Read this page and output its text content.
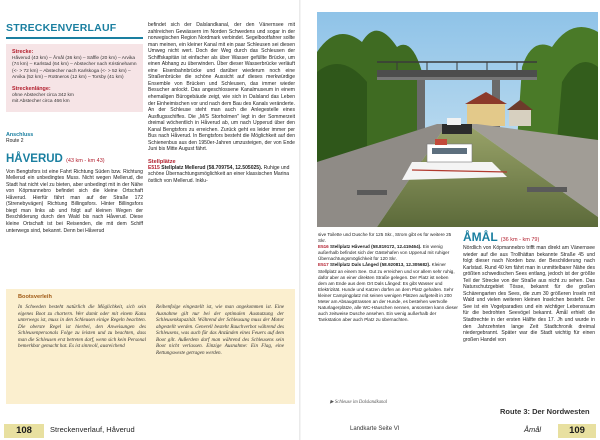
STRECKENVERLAUF
Strecke:
Håverud (43 km) – Åmål (36 km) – Säffle (20 km) – Arvika (74 km) – Karlstad (64 km) – Abstecher nach Kristinehamn (<- > 72 km) – Abstecher nach Karlskoga (<- > 52 km) – Arvika (52 km) – Rottneros (12 km) – Torsby (41 km)
Streckenlänge:
ohne Abstecher circa 342 km
mit Abstecher circa 466 km
Anschluss
Route 2
HÅVERUD (43 km - km 43)
Von Bengtsfors ist eine Fahrt Richtung Süden bzw. Richtung Mellerud ein unbedingtes Muss. Nicht wegen Mellerud, die Stadt hat nicht viel zu bieten, aber unbedingt mit in der Nähe von Köpmannebro befindet sich die kleine Ortschaft Håverud. Hierfür fährt man auf der Straße 172 (Strenebyvägen) Richtung Billingsfors. Hinter Billingsfors biegt man links ab und folgt auf kleinen Wegen der Beschilderung durch den Wald bis nach Håverud. Diese kleine Ortschaft ist bei Reisenden, die mit dem Schiff unterwegs sind, bekannt. Denn bei Håverud
befindet sich der Dalslandkanal, der den Vänernsee mit zahlreichen Gewässern im Norden Schwedens und sogar in der norwegischen Region Nordmark verbindet. Segelbootfahrer sollte man meinen, ein kleiner Kanal mit ein paar Schleusen sei diesen Umweg nicht wert. Doch der Weg durch das Schleusen der Schiffskapitän ist einfacher als über Wasser gefüllte Brücke, um einen Abhang zu überwinden. Über dieser Wasserbrücke verläuft eine Eisenbahnbrücke und darüber wiederum noch eine Straßenbrücke die schöne Aussicht auf dieses merkwürdige Ensemble von Brücken und Schleusen, das immer wieder Besucher anlockt. Das angeschlossene Kanalmuseum in einem ehemaligen Bürogebäude zeigt, wie sich in Dalsland das Leben der Einheimischen vor und nach dem Bau des Kanals veränderte. An der Schleuse steht man auch die Anlegestelle eines Ausflugsschiffes. Die „M/S Storholmen" legt in der Sommerzeit dreimal wöchentlich in Håverud ab, um nach Upperud über den Kanal Bengtsfors zu erreichen. Zurück geht es leider immer per Bus nach Håverud. In Bengtsfors besteht die Möglichkeit auf den Schienenbus aus den 1950er-Jahren umzusteigen, der von Ende Juni bis Mitte August fährt.
Stellplätze
E515 Stellplatz Mellerud (58.709754, 12.505025). Ruhige und schöne Übernachtungsmöglichkeit an einer klassischen Marina östlich von Mellerud. Inklu-
Bootsverleih
In Schweden besteht natürlich die Möglichkeit, sich sein eigenes Boot zu chartern. Wer damit oder mit einem Kanu unterwegs ist, muss in den Schleusen einige Regeln beachten. Die oberste Regel ist hierbei, den Anweisungen des Schleusenpersonals Folge zu leisten und zu beachten, dass man die Schleusen erst betreten darf, wenn sich kein Personal bemerkbar gemacht hat. Es ist sinnvoll, ausreichend
Reibenfolge eingestellt ist, wie man angekommen ist. Eine Ausnahme gilt nur bei der optimalen Ausnutzung der Schleusenkapazität. Während der Schleusung muss der Motor abgestellt werden. Generell besteht Rauchverbot während des Schleusens, was auch für das Anzünden eines Feuers auf dem Boot gilt. Außerdem darf man während des Schleusens sein Boot nicht verlassen. Einzige Ausnahme: Ein Flag, eine Rettungsweste getragen werden.
108	Streckenverlauf, Håverud
sive Toilette und Dusche für 125 Skr., Strom gibt es für weitere 25 Skr.
E516 Stellplatz Håverud (58.819172, 12.419464). Ein wenig außerhalb befindet sich der Gästehafen von Upperud mit ruhiger Übernachtungsmöglichkeit für 120 Skr.
E517 Stellplatz Dals Långed (58.920813, 12.305682). Kleiner Stellplatz an einem See. Gut zu erreichen und vor allem sehr ruhig, dafür aber an einer direkten Straße gelegen. Der Platz ist neben dem am Ende aus dem Ort Dals Långed: Es gibt Wasser und Elektrizität. Hunde und Katzen dürfen an dem Platz gehalten. Sehr kleiner Campingplatz mit seinen wenigen Plätzen aufgeteilt in 200 Meter am Absaugstrassen an der Hunde, es bestehen wertvolle Naturlagerplätze, alle WC-Häuschen nennen, ansonsten kann dieser auch zeitweise Dusche ansehen. Ein wenig außerhalb der Tankstation aber auch Platz zu übernachten.
ÅMÅL (36 km - km 79)
Nördlich von Köpmannebro trifft man direkt am Vänernsee wieder auf die aus Trollhättan bekannte Straße 45 und folgt dieser nach Norden bzw. der Beschilderung nach Karlstad. Rund 40 km fährt man in unmittelbarer Nähe des größten schwedischen Sees entlang, jedoch ist der größte Teil der Strecke von der Straße aus nicht zu sehen. Das Naturschutzgebiet Tösse, bekannt für die großen Schärengarten des Sees, die zum 30 größeren Inseln mit Wald und vielen weiteren kleinen Inselchen besteht. Der See ist ein Vogelparadies und ein wichtiger Lebensraum für die bedrohten Seevögel bekannt. Åmål erhielt die Stadtrechte in der ersten Hälfte des 17. Jh und wurde in den Jahrzehnten lange Zeit Stadtchronik dreimal niedergebrannt. Später war die Stadt wichtig für einen großen Handel von
▶ Schleuse im Dalslandkanal
Route 3: Der Nordwesten
Landkarte Seite VI	Åmål	109
